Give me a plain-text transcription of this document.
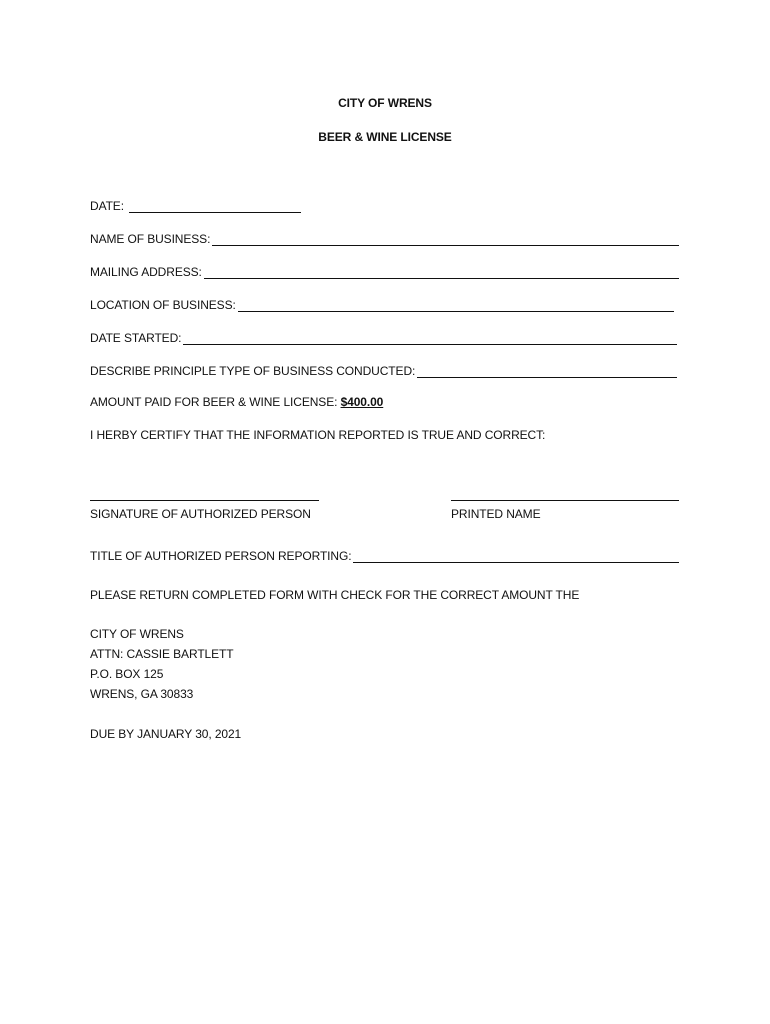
CITY OF WRENS
BEER & WINE LICENSE
DATE:
NAME OF BUSINESS:
MAILING ADDRESS:
LOCATION OF BUSINESS:
DATE STARTED:
DESCRIBE PRINCIPLE TYPE OF BUSINESS CONDUCTED:
AMOUNT PAID FOR BEER & WINE LICENSE: $400.00
I HERBY CERTIFY THAT THE INFORMATION REPORTED IS TRUE AND CORRECT:
SIGNATURE OF AUTHORIZED PERSON	PRINTED NAME
TITLE OF AUTHORIZED PERSON REPORTING:
PLEASE RETURN COMPLETED FORM WITH CHECK FOR THE CORRECT AMOUNT THE
CITY OF WRENS
ATTN: CASSIE BARTLETT
P.O. BOX 125
WRENS, GA 30833
DUE BY JANUARY 30, 2021
